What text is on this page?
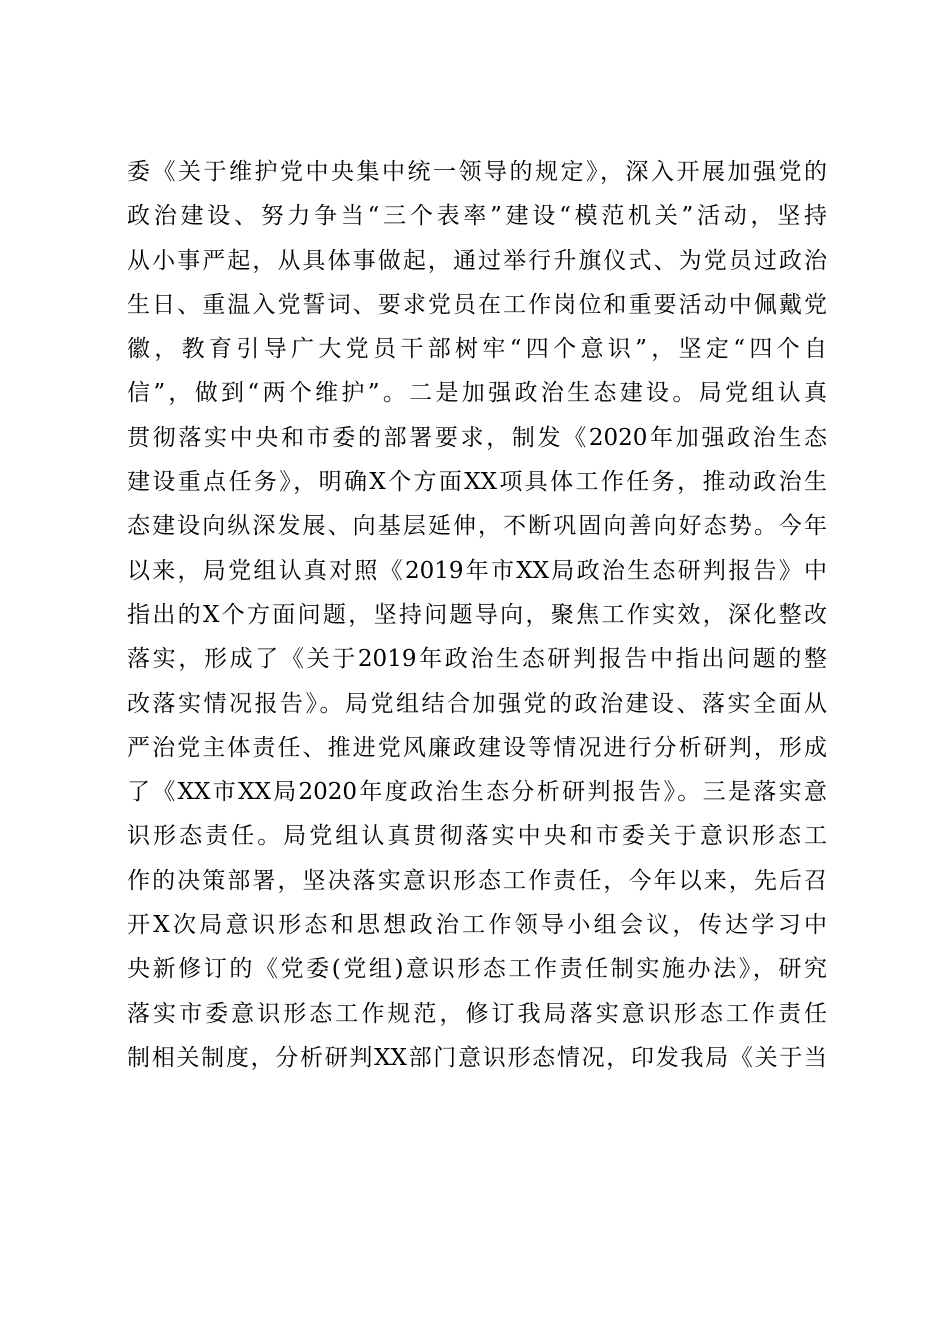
委《关于维护党中央集中统一领导的规定》，深入开展加强党的
政治建设、努力争当“三个表率”建设“模范机关”活动，坚持
从小事严起，从具体事做起，通过举行升旗仪式、为党员过政治
生日、重温入党誓词、要求党员在工作岗位和重要活动中佩戴党
徽，教育引导广大党员干部树牢“四个意识”，坚定“四个自
信”，做到“两个维护”。二是加强政治生态建设。局党组认真
贯彻落实中央和市委的部署要求，制发《2020年加强政治生态
建设重点任务》，明确X个方面XX项具体工作任务，推动政治生
态建设向纵深发展、向基层延伸，不断巩固向善向好态势。今年
以来，局党组认真对照《2019年市XX局政治生态研判报告》中
指出的X个方面问题，坚持问题导向，聚焦工作实效，深化整改
落实，形成了《关于2019年政治生态研判报告中指出问题的整
改落实情况报告》。局党组结合加强党的政治建设、落实全面从
严治党主体责任、推进党风廉政建设等情况进行分析研判，形成
了《XX市XX局2020年度政治生态分析研判报告》。三是落实意
识形态责任。局党组认真贯彻落实中央和市委关于意识形态工
作的决策部署，坚决落实意识形态工作责任，今年以来，先后召
开X次局意识形态和思想政治工作领导小组会议，传达学习中
央新修订的《党委(党组)意识形态工作责任制实施办法》，研究
落实市委意识形态工作规范，修订我局落实意识形态工作责任
制相关制度，分析研判XX部门意识形态情况，印发我局《关于当
